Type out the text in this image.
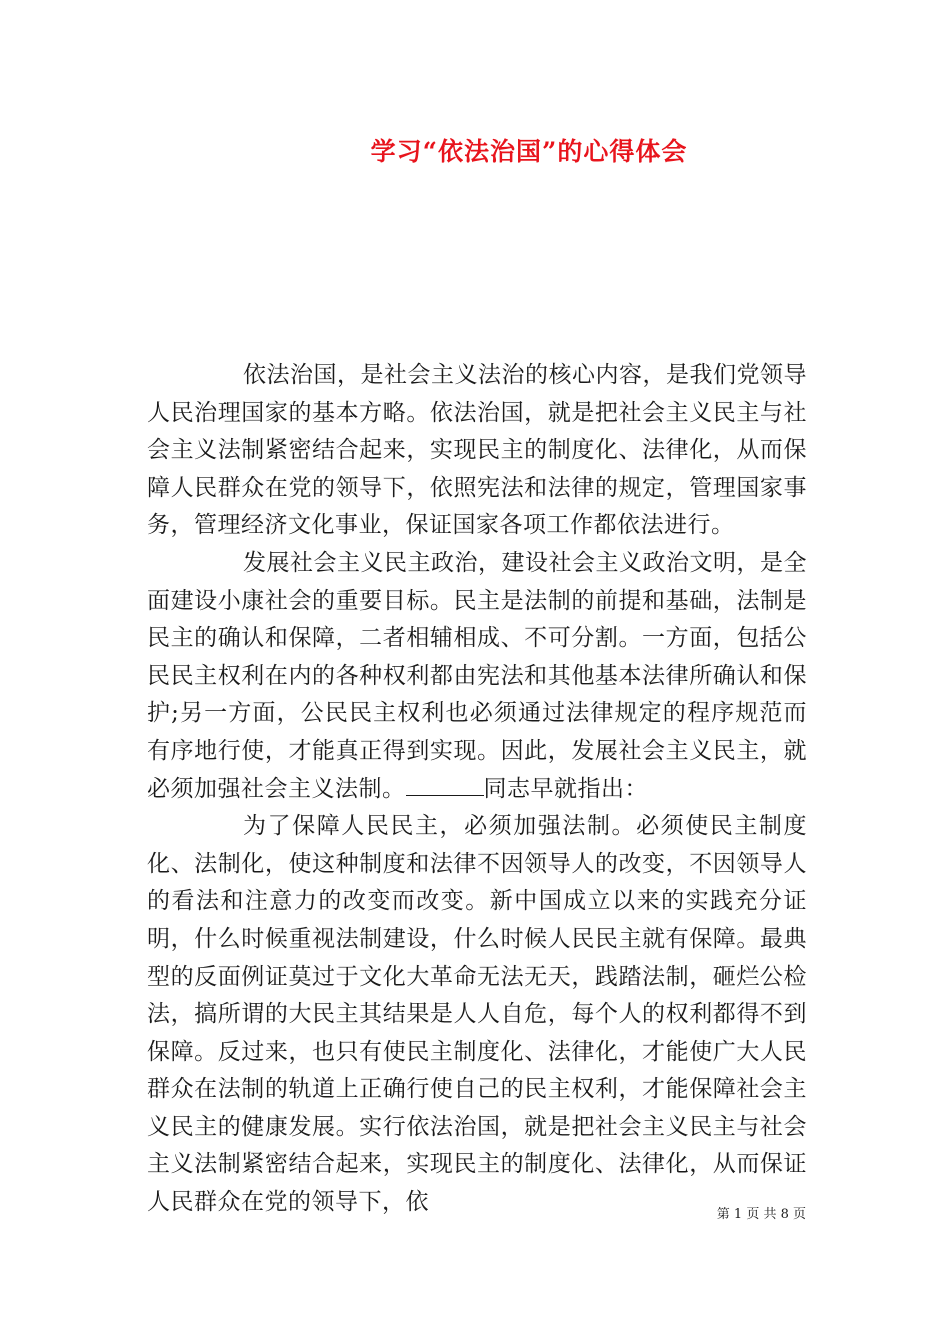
学习“依法治国”的心得体会

依法治国，是社会主义法治的核心内容，是我们党领导人民治理国家的基本方略。依法治国，就是把社会主义民主与社会主义法制紧密结合起来，实现民主的制度化、法律化，从而保障人民群众在党的领导下，依照宪法和法律的规定，管理国家事务，管理经济文化事业，保证国家各项工作都依法进行。

发展社会主义民主政治，建设社会主义政治文明，是全面建设小康社会的重要目标。民主是法制的前提和基础，法制是民主的确认和保障，二者相辅相成、不可分割。一方面，包括公民民主权利在内的各种权利都由宪法和其他基本法律所确认和保护;另一方面，公民民主权利也必须通过法律规定的程序规范而有序地行使，才能真正得到实现。因此，发展社会主义民主，就必须加强社会主义法制。	同志早就指出：

为了保障人民民主，必须加强法制。必须使民主制度化、法制化，使这种制度和法律不因领导人的改变，不因领导人的看法和注意力的改变而改变。新中国成立以来的实践充分证明，什么时候重视法制建设，什么时候人民民主就有保障。最典型的反面例证莫过于文化大革命无法无天，践踏法制，砸烂公检法，搞所谓的大民主其结果是人人自危，每个人的权利都得不到保障。反过来，也只有使民主制度化、法律化，才能使广大人民群众在法制的轨道上正确行使自己的民主权利，才能保障社会主义民主的健康发展。实行依法治国，就是把社会主义民主与社会主义法制紧密结合起来，实现民主的制度化、法律化，从而保证人民群众在党的领导下，依	第 1 页 共 8 页
